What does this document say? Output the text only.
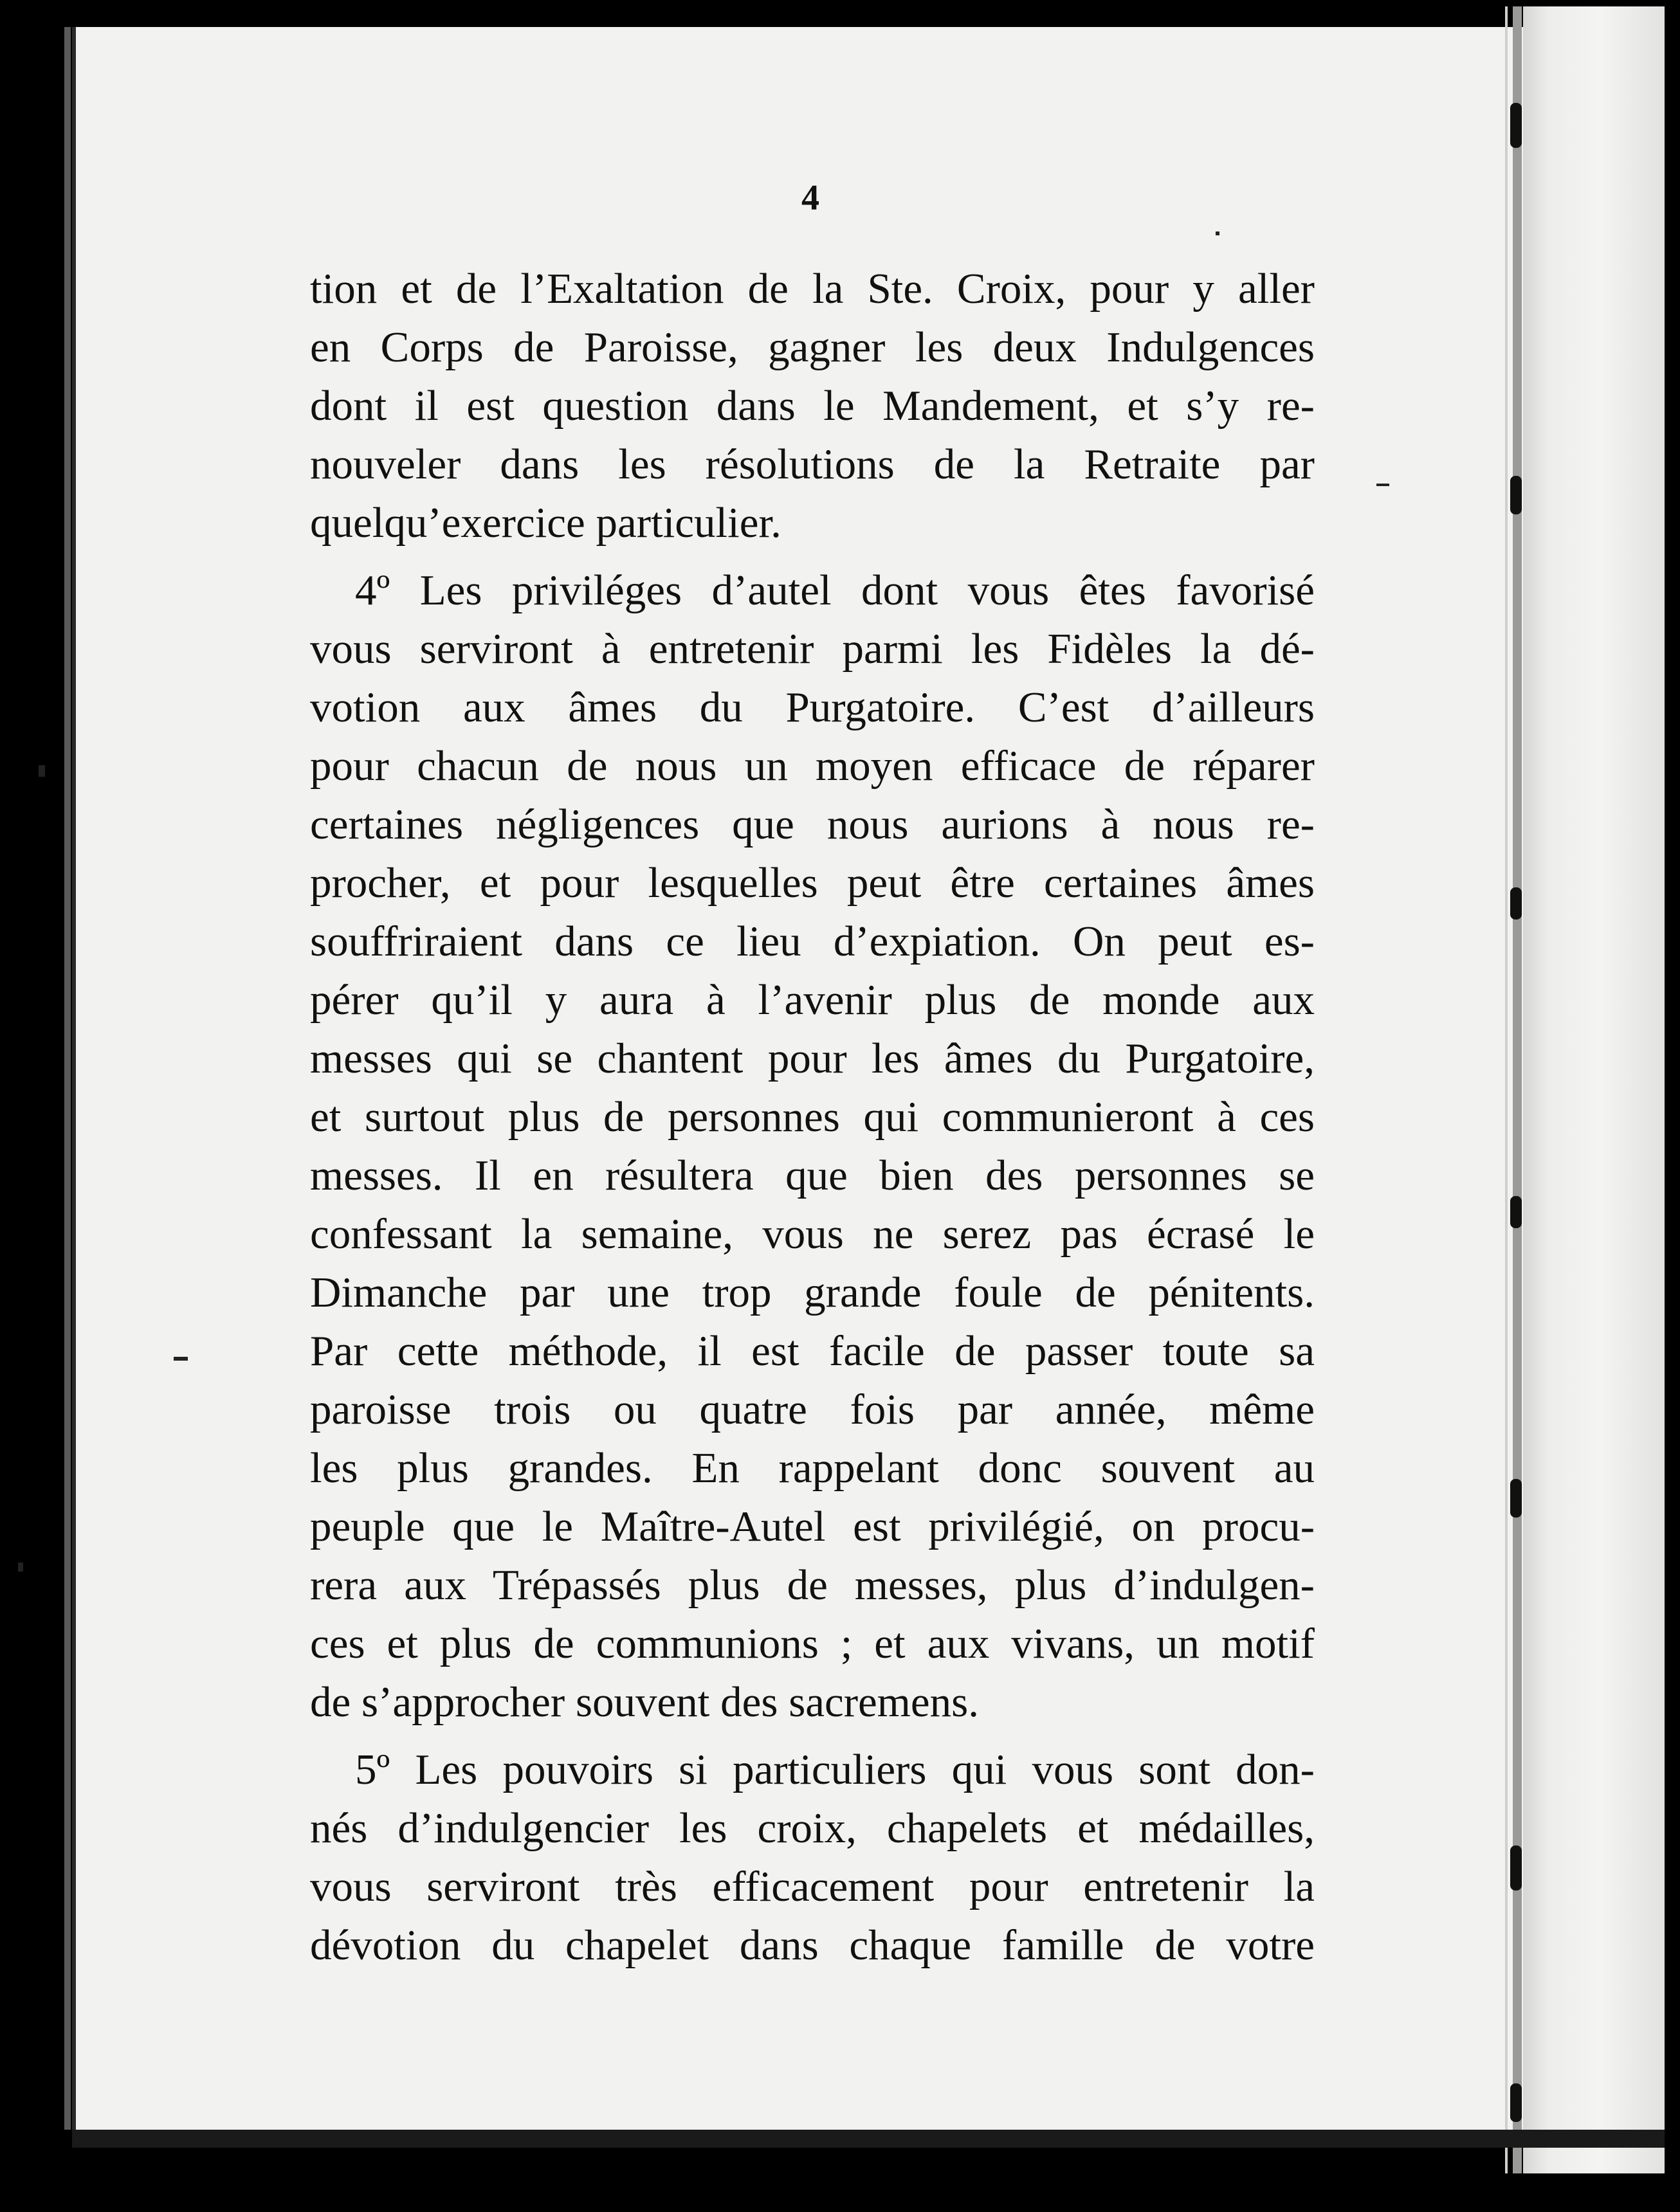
4
tion et de l’Exaltation de la Ste. Croix, pour y aller
en Corps de Paroisse, gagner les deux Indulgences
dont il est question dans le Mandement, et s’y re-
nouveler dans les résolutions de la Retraite par
quelqu’exercice particulier.
4º Les priviléges d’autel dont vous êtes favorisé
vous serviront à entretenir parmi les Fidèles la dé-
votion aux âmes du Purgatoire. C’est d’ailleurs
pour chacun de nous un moyen efficace de réparer
certaines négligences que nous aurions à nous re-
procher, et pour lesquelles peut être certaines âmes
souffriraient dans ce lieu d’expiation. On peut es-
pérer qu’il y aura à l’avenir plus de monde aux
messes qui se chantent pour les âmes du Purgatoire,
et surtout plus de personnes qui communieront à ces
messes. Il en résultera que bien des personnes se
confessant la semaine, vous ne serez pas écrasé le
Dimanche par une trop grande foule de pénitents.
Par cette méthode, il est facile de passer toute sa
paroisse trois ou quatre fois par année, même
les plus grandes. En rappelant donc souvent au
peuple que le Maître-Autel est privilégié, on procu-
rera aux Trépassés plus de messes, plus d’indulgen-
ces et plus de communions ; et aux vivans, un motif
de s’approcher souvent des sacremens.
5º Les pouvoirs si particuliers qui vous sont don-
nés d’indulgencier les croix, chapelets et médailles,
vous serviront très efficacement pour entretenir la
dévotion du chapelet dans chaque famille de votre
